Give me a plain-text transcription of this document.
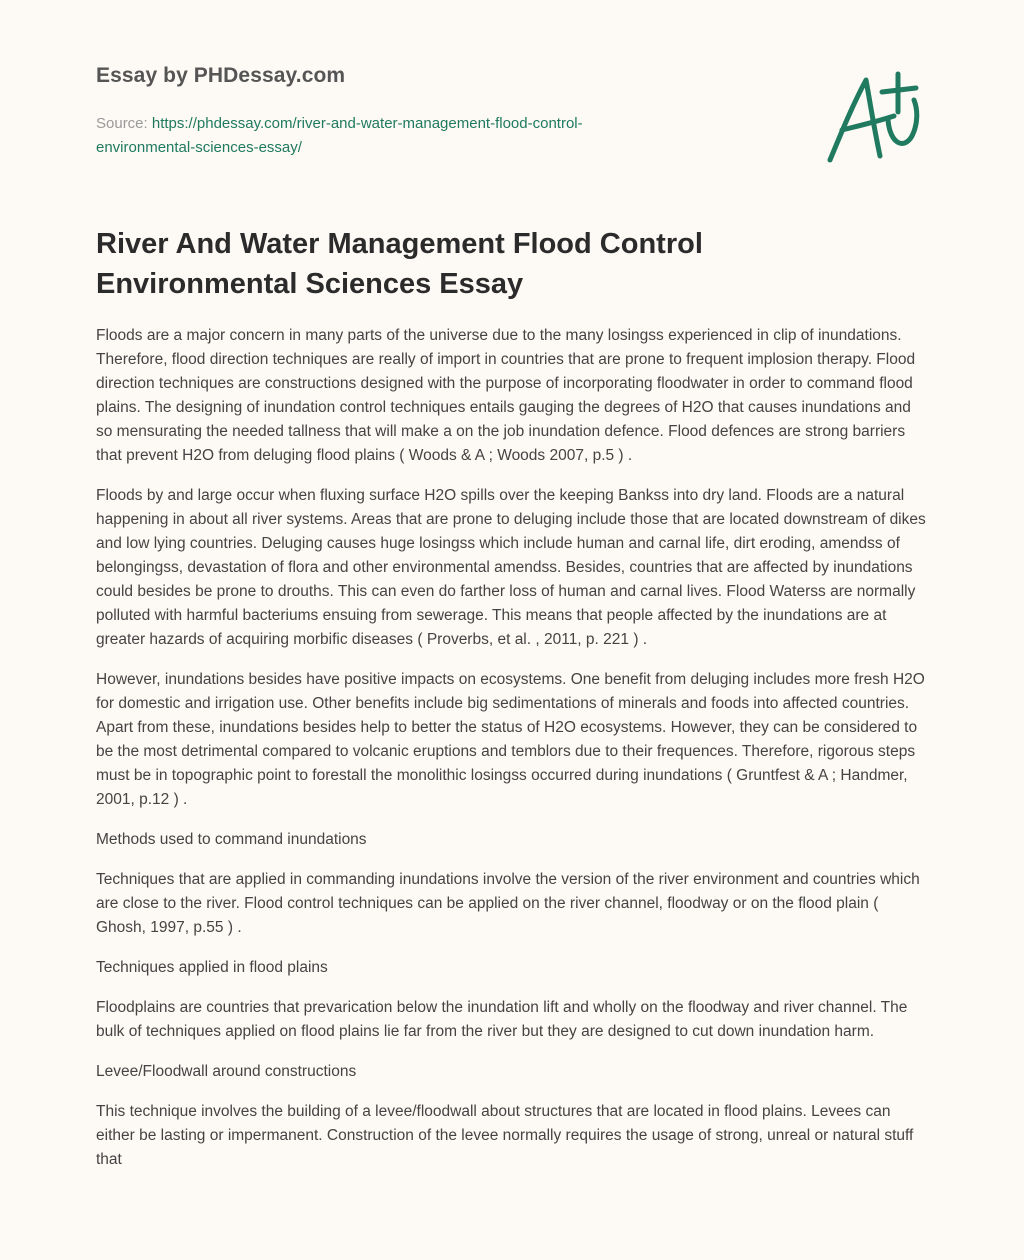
Essay by PHDessay.com

Source: https://phdessay.com/river-and-water-management-flood-control-
environmental-sciences-essay/

River And Water Management Flood Control
Environmental Sciences Essay

Floods are a major concern in many parts of the universe due to the many losingss experienced in clip of inundations. Therefore, flood direction techniques are really of import in countries that are prone to frequent implosion therapy. Flood direction techniques are constructions designed with the purpose of incorporating floodwater in order to command flood plains. The designing of inundation control techniques entails gauging the degrees of H2O that causes inundations and so mensurating the needed tallness that will make a on the job inundation defence. Flood defences are strong barriers that prevent H2O from deluging flood plains ( Woods & A ; Woods 2007, p.5 ) .

Floods by and large occur when fluxing surface H2O spills over the keeping Bankss into dry land. Floods are a natural happening in about all river systems. Areas that are prone to deluging include those that are located downstream of dikes and low lying countries. Deluging causes huge losingss which include human and carnal life, dirt eroding, amendss of belongingss, devastation of flora and other environmental amendss. Besides, countries that are affected by inundations could besides be prone to drouths. This can even do farther loss of human and carnal lives. Flood Waterss are normally polluted with harmful bacteriums ensuing from sewerage. This means that people affected by the inundations are at greater hazards of acquiring morbific diseases ( Proverbs, et al. , 2011, p. 221 ) .

However, inundations besides have positive impacts on ecosystems. One benefit from deluging includes more fresh H2O for domestic and irrigation use. Other benefits include big sedimentations of minerals and foods into affected countries. Apart from these, inundations besides help to better the status of H2O ecosystems. However, they can be considered to be the most detrimental compared to volcanic eruptions and temblors due to their frequences. Therefore, rigorous steps must be in topographic point to forestall the monolithic losingss occurred during inundations ( Gruntfest & A ; Handmer, 2001, p.12 ) .

Methods used to command inundations

Techniques that are applied in commanding inundations involve the version of the river environment and countries which are close to the river. Flood control techniques can be applied on the river channel, floodway or on the flood plain ( Ghosh, 1997, p.55 ) .

Techniques applied in flood plains

Floodplains are countries that prevarication below the inundation lift and wholly on the floodway and river channel. The bulk of techniques applied on flood plains lie far from the river but they are designed to cut down inundation harm.

Levee/Floodwall around constructions

This technique involves the building of a levee/floodwall about structures that are located in flood plains. Levees can either be lasting or impermanent. Construction of the levee normally requires the usage of strong, unreal or natural stuff that
